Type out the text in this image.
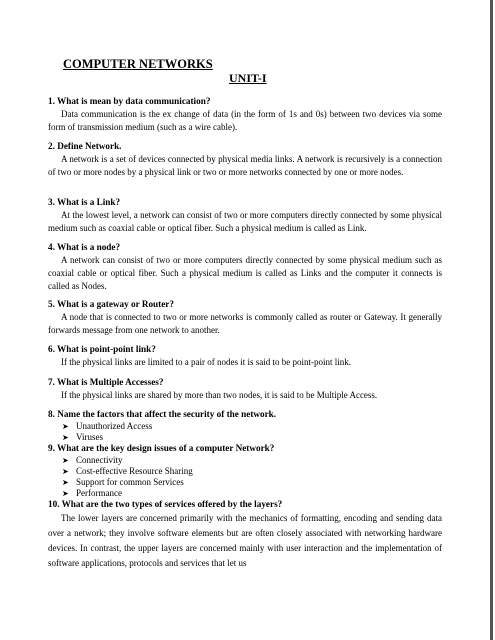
COMPUTER NETWORKS
UNIT-I
1. What is mean by data communication?
Data communication is the ex change of data (in the form of 1s and 0s) between two devices via some form of transmission medium (such as a wire cable).
2. Define Network.
A network is a set of devices connected by physical media links. A network is recursively is a connection of two or more nodes by a physical link or two or more networks connected by one or more nodes.
3. What is a Link?
At the lowest level, a network can consist of two or more computers directly connected by some physical medium such as coaxial cable or optical fiber. Such a physical medium is called as Link.
4. What is a node?
A network can consist of two or more computers directly connected by some physical medium such as coaxial cable or optical fiber. Such a physical medium is called as Links and the computer it connects is called as Nodes.
5. What is a gateway or Router?
A node that is connected to two or more networks is commonly called as router or Gateway. It generally forwards message from one network to another.
6. What is point-point link?
If the physical links are limited to a pair of nodes it is said to be point-point link.
7. What is Multiple Accesses?
If the physical links are shared by more than two nodes, it is said to be Multiple Access.
8. Name the factors that affect the security of the network.
➤ Unauthorized Access
➤ Viruses
9. What are the key design issues of a computer Network?
➤ Connectivity
➤ Cost-effective Resource Sharing
➤ Support for common Services
➤ Performance
10. What are the two types of services offered by the layers?
The lower layers are concerned primarily with the mechanics of formatting, encoding and sending data over a network; they involve software elements but are often closely associated with networking hardware devices. In contrast, the upper layers are concerned mainly with user interaction and the implementation of software applications, protocols and services that let us
